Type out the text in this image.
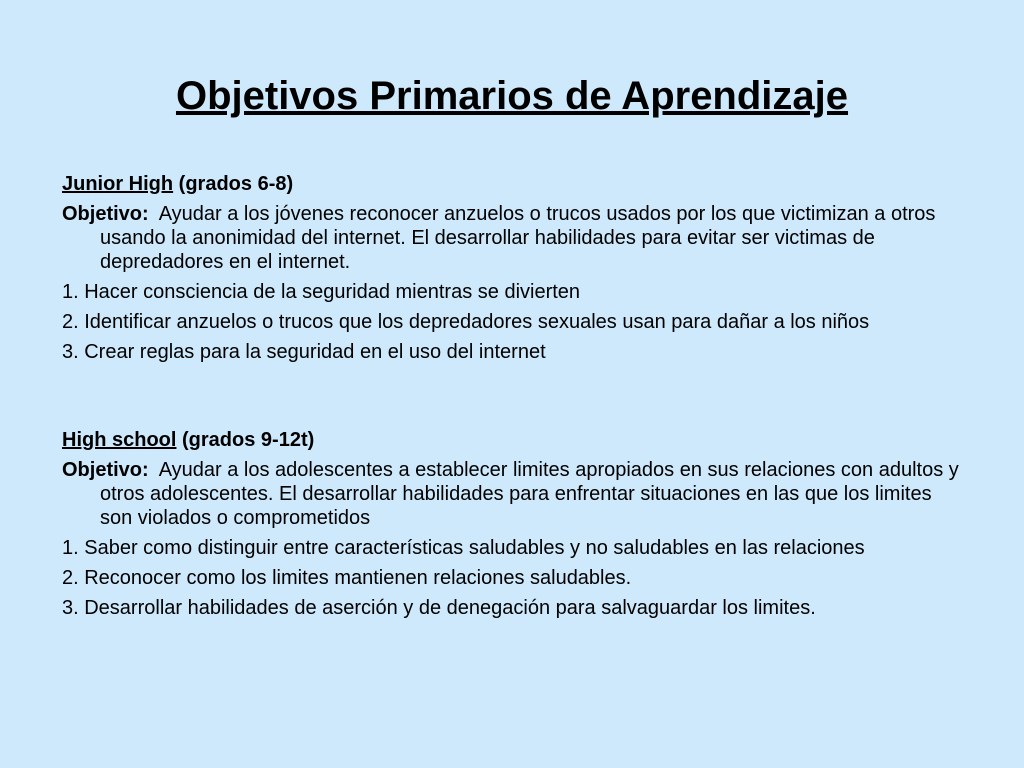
Objetivos Primarios de Aprendizaje

Junior High (grados 6-8)

Objetivo: Ayudar a los jóvenes reconocer anzuelos o trucos usados por los que victimizan a otros usando la anonimidad del internet. El desarrollar habilidades para evitar ser victimas de depredadores en el internet.

1. Hacer consciencia de la seguridad mientras se divierten

2. Identificar anzuelos o trucos que los depredadores sexuales usan para dañar a los niños

3. Crear reglas para la seguridad en el uso del internet

High school (grados 9-12t)

Objetivo: Ayudar a los adolescentes a establecer limites apropiados en sus relaciones con adultos y otros adolescentes. El desarrollar habilidades para enfrentar situaciones en las que los limites son violados o comprometidos

1. Saber como distinguir entre características saludables y no saludables en las relaciones

2. Reconocer como los limites mantienen relaciones saludables.

3. Desarrollar habilidades de aserción y de denegación para salvaguardar los limites.
